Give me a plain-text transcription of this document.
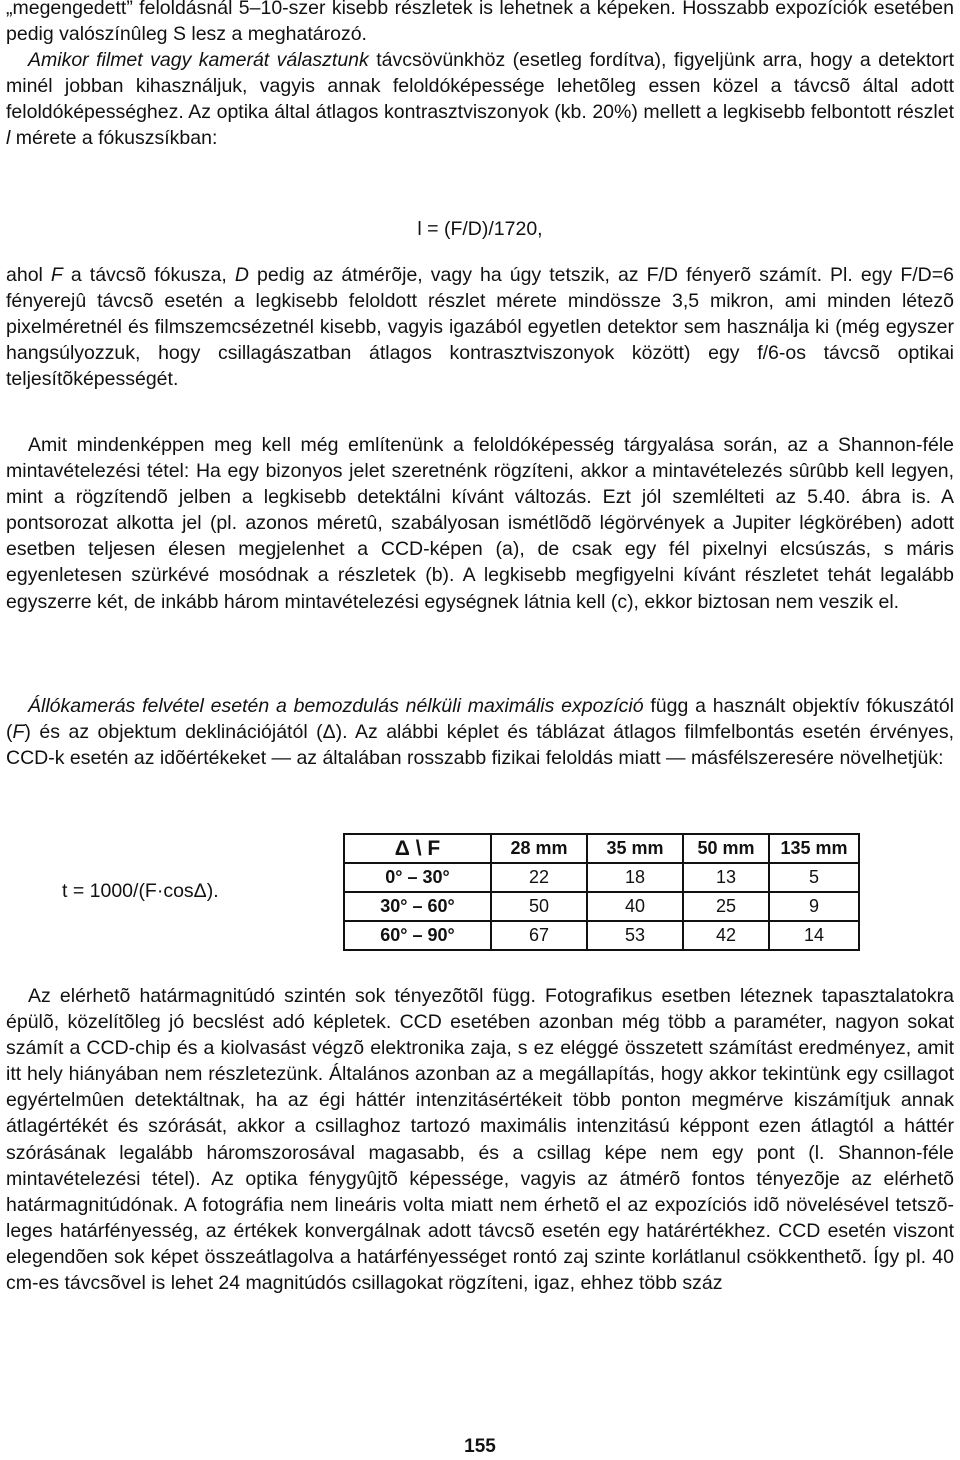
„megengedett” feloldásnál 5–10-szer kisebb részletek is lehetnek a képeken. Hosszabb expozíciók esetében pedig valószínûleg S lesz a meghatározó.
Amikor filmet vagy kamerát választunk távcsövünkhöz (esetleg fordítva), figyeljünk arra, hogy a detektort minél jobban kihasználjuk, vagyis annak feloldóképessége lehetõleg essen közel a távcsõ által adott feloldóképességhez. Az optika által átlagos kontrasztviszonyok (kb. 20%) mellett a legkisebb felbontott részlet l mérete a fókuszsíkban:

l = (F/D)/1720,

ahol F a távcsõ fókusza, D pedig az átmérõje, vagy ha úgy tetszik, az F/D fényerõ számít. Pl. egy F/D=6 fényerejû távcsõ esetén a legkisebb feloldott részlet mérete mindössze 3,5 mikron, ami minden létezõ pixelméretnél és filmszemcsézetnél kisebb, vagyis igazából egyetlen detektor sem használja ki (még egyszer hangsúlyozzuk, hogy csillagászatban átlagos kontrasztviszonyok között) egy f/6-os távcsõ optikai teljesítõképességét.

Amit mindenképpen meg kell még említenünk a feloldóképesség tárgyalása során, az a Shannon-féle mintavételezési tétel: Ha egy bizonyos jelet szeretnénk rögzíteni, akkor a mintavételezés sûrûbb kell legyen, mint a rögzítendõ jelben a legkisebb detektálni kívánt változás. Ezt jól szemlélteti az 5.40. ábra is. A pontsorozat alkotta jel (pl. azonos méretû, szabályosan ismétlõdõ légörvények a Jupiter légkörében) adott esetben teljesen élesen megjelenhet a CCD-képen (a), de csak egy fél pixelnyi elcsúszás, s máris egyenletesen szürkévé mosódnak a részletek (b). A legkisebb megfigyelni kívánt részletet tehát legalább egyszerre két, de inkább három mintavételezési egységnek látnia kell (c), ekkor biztosan nem veszik el.

Állókamerás felvétel esetén a bemozdulás nélküli maximális expozíció függ a használt objektív fókuszától (F) és az objektum deklinációjától (Δ). Az alábbi képlet és táblázat átlagos filmfelbontás esetén érvényes, CCD-k esetén az idõértékeket — az általában rosszabb fizikai feloldás miatt — másfélszeresére növelhetjük:

t = 1000/(F·cosΔ).
Δ \ F	28 mm	35 mm	50 mm	135 mm
0° – 30°	22	18	13	5
30° – 60°	50	40	25	9
60° – 90°	67	53	42	14

Az elérhetõ határmagnitúdó szintén sok tényezõtõl függ. Fotografikus esetben léteznek tapasztalatokra épülõ, közelítõleg jó becslést adó képletek. CCD esetében azonban még több a paraméter, nagyon sokat számít a CCD-chip és a kiolvasást végzõ elektronika zaja, s ez eléggé összetett számítást eredményez, amit itt hely hiányában nem részletezünk. Általános azonban az a megállapítás, hogy akkor tekintünk egy csillagot egyértelmûen detektáltnak, ha az égi háttér intenzitásértékeit több ponton megmérve kiszámítjuk annak átlagértékét és szórását, akkor a csillaghoz tartozó maximális intenzitású képpont ezen átlagtól a háttér szórásának legalább háromszorosával magasabb, és a csillag képe nem egy pont (l. Shannon-féle mintavételezési tétel). Az optika fénygyûjtõ képessége, vagyis az átmérõ fontos tényezõje az elérhetõ határmagnitúdónak. A fotográfia nem lineáris volta miatt nem érhetõ el az expozíciós idõ növelésével tetszõ-leges határfényesség, az értékek konvergálnak adott távcsõ esetén egy határértékhez. CCD esetén viszont elegendõen sok képet összeátlagolva a határfényességet rontó zaj szinte korlátlanul csökkenthetõ. Így pl. 40 cm-es távcsõvel is lehet 24 magnitúdós csillagokat rögzíteni, igaz, ehhez több száz

155
